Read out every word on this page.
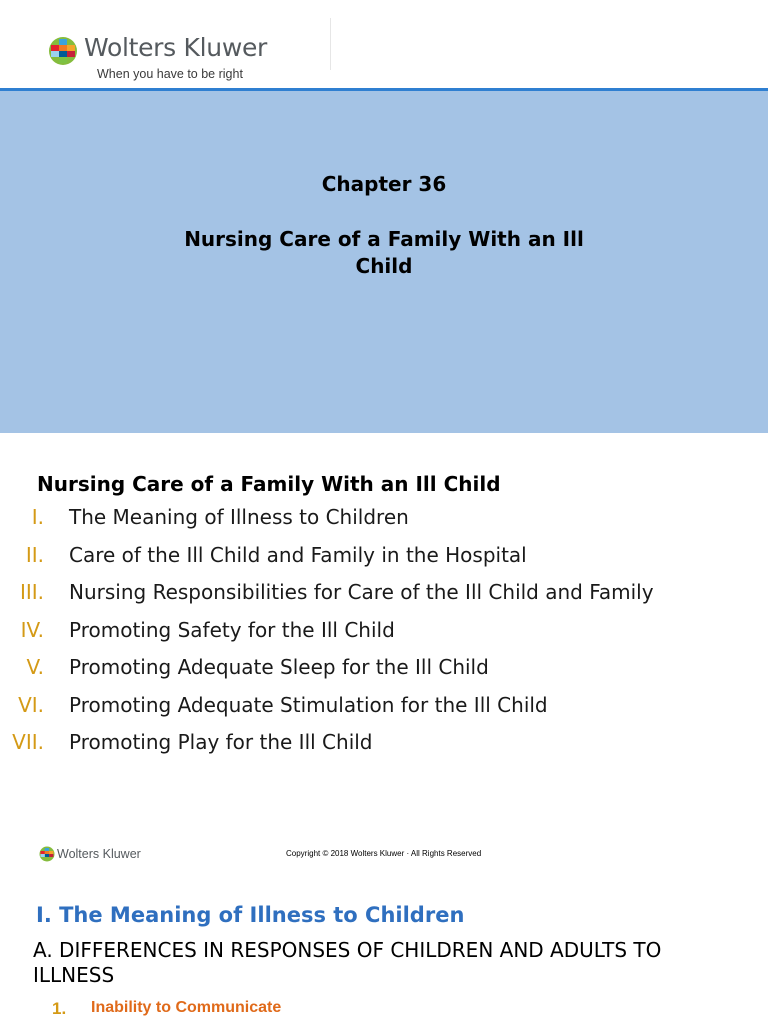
Wolters Kluwer
When you have to be right
Chapter 36
Nursing Care of a Family With an Ill Child
Nursing Care of a Family With an Ill Child
I. The Meaning of Illness to Children
II. Care of the Ill Child and Family in the Hospital
III. Nursing Responsibilities for Care of the Ill Child and Family
IV. Promoting Safety for the Ill Child
V. Promoting Adequate Sleep for the Ill Child
VI. Promoting Adequate Stimulation for the Ill Child
VII. Promoting Play for the Ill Child
Wolters Kluwer	Copyright © 2018 Wolters Kluwer · All Rights Reserved
I. The Meaning of Illness to Children
A. DIFFERENCES IN RESPONSES OF CHILDREN AND ADULTS TO ILLNESS
1. Inability to Communicate
